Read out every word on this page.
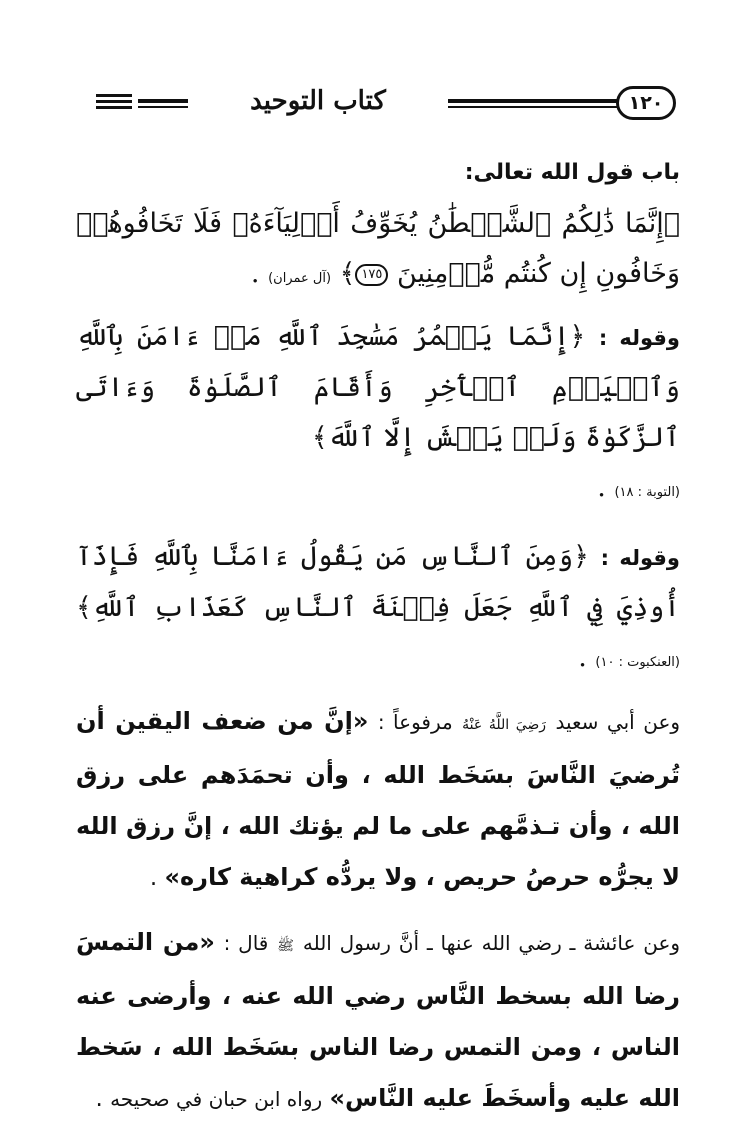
١٢٠
كتاب التوحيد
باب قول الله تعالى:

﴿إِنَّمَا ذَٰلِكُمُ ٱلشَّيۡطَٰنُ يُخَوِّفُ أَوۡلِيَآءَهُۥ فَلَا تَخَافُوهُمۡ وَخَافُونِ إِن كُنتُم مُّؤۡمِنِينَ ١٧٥﴾ (آل عمران) .

وقوله : ﴿إِنَّمَا يَعۡمُرُ مَسَٰجِدَ ٱللَّهِ مَنۡ ءَامَنَ بِٱللَّهِ وَٱلۡيَوۡمِ ٱلۡأٓخِرِ وَأَقَامَ ٱلصَّلَوٰةَ وَءَاتَى ٱلزَّكَوٰةَ وَلَمۡ يَخۡشَ إِلَّا ٱللَّهَ﴾
(التوبة : ١٨) .

وقوله : ﴿وَمِنَ ٱلنَّاسِ مَن يَقُولُ ءَامَنَّا بِٱللَّهِ فَإِذَآ أُوذِيَ فِي ٱللَّهِ جَعَلَ فِتۡنَةَ ٱلنَّاسِ كَعَذَابِ ٱللَّهِ﴾ (العنكبوت : ١٠) .

وعن أبي سعيد رَضِيَ اللَّهُ عَنْهُ مرفوعاً : «إنَّ من ضعف اليقين أن تُرضيَ النَّاسَ بسَخَط الله ، وأن تحمَدَهم على رزق الله ، وأن تـذمَّهم على ما لم يؤتك الله ، إنَّ رزق الله لا يجرُّه حرصُ حريص ، ولا يردُّه كراهية كاره» .

وعن عائشة ـ رضي الله عنها ـ أنَّ رسول الله ﷺ قال : «من التمسَ رضا الله بسخط النَّاس رضي الله عنه ، وأرضى عنه الناس ، ومن التمس رضا الناس بسَخَط الله ، سَخط الله عليه وأسخَطَ عليه النَّاس» رواه ابن حبان في صحيحه .
